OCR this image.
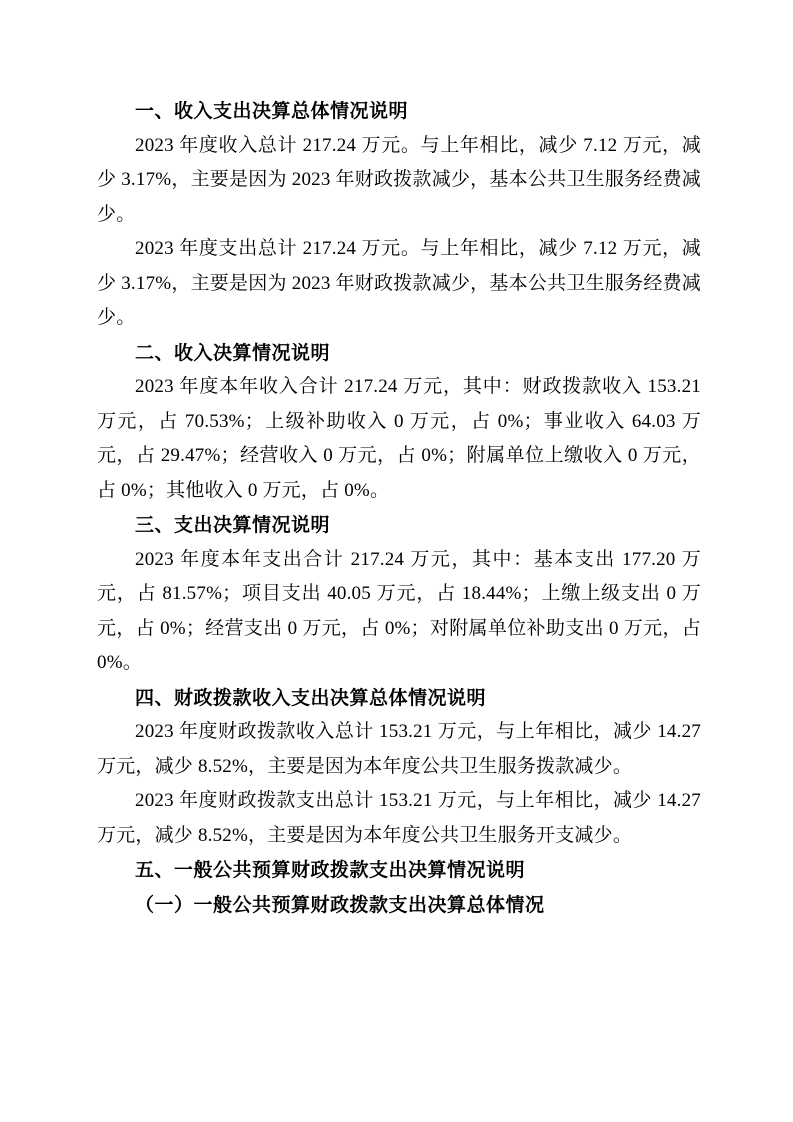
一、收入支出决算总体情况说明

2023 年度收入总计 217.24 万元。与上年相比，减少 7.12 万元，减少 3.17%，主要是因为 2023 年财政拨款减少，基本公共卫生服务经费减少。

2023 年度支出总计 217.24 万元。与上年相比，减少 7.12 万元，减少 3.17%，主要是因为 2023 年财政拨款减少，基本公共卫生服务经费减少。

二、收入决算情况说明

2023 年度本年收入合计 217.24 万元，其中：财政拨款收入 153.21 万元，占 70.53%；上级补助收入 0 万元，占 0%；事业收入 64.03 万元，占 29.47%；经营收入 0 万元，占 0%；附属单位上缴收入 0 万元，占 0%；其他收入 0 万元，占 0%。

三、支出决算情况说明

2023 年度本年支出合计 217.24 万元，其中：基本支出 177.20 万元，占 81.57%；项目支出 40.05 万元，占 18.44%；上缴上级支出 0 万元，占 0%；经营支出 0 万元，占 0%；对附属单位补助支出 0 万元，占 0%。

四、财政拨款收入支出决算总体情况说明

2023 年度财政拨款收入总计 153.21 万元，与上年相比，减少 14.27 万元，减少 8.52%，主要是因为本年度公共卫生服务拨款减少。

2023 年度财政拨款支出总计 153.21 万元，与上年相比，减少 14.27 万元，减少 8.52%，主要是因为本年度公共卫生服务开支减少。

五、一般公共预算财政拨款支出决算情况说明
（一）一般公共预算财政拨款支出决算总体情况
